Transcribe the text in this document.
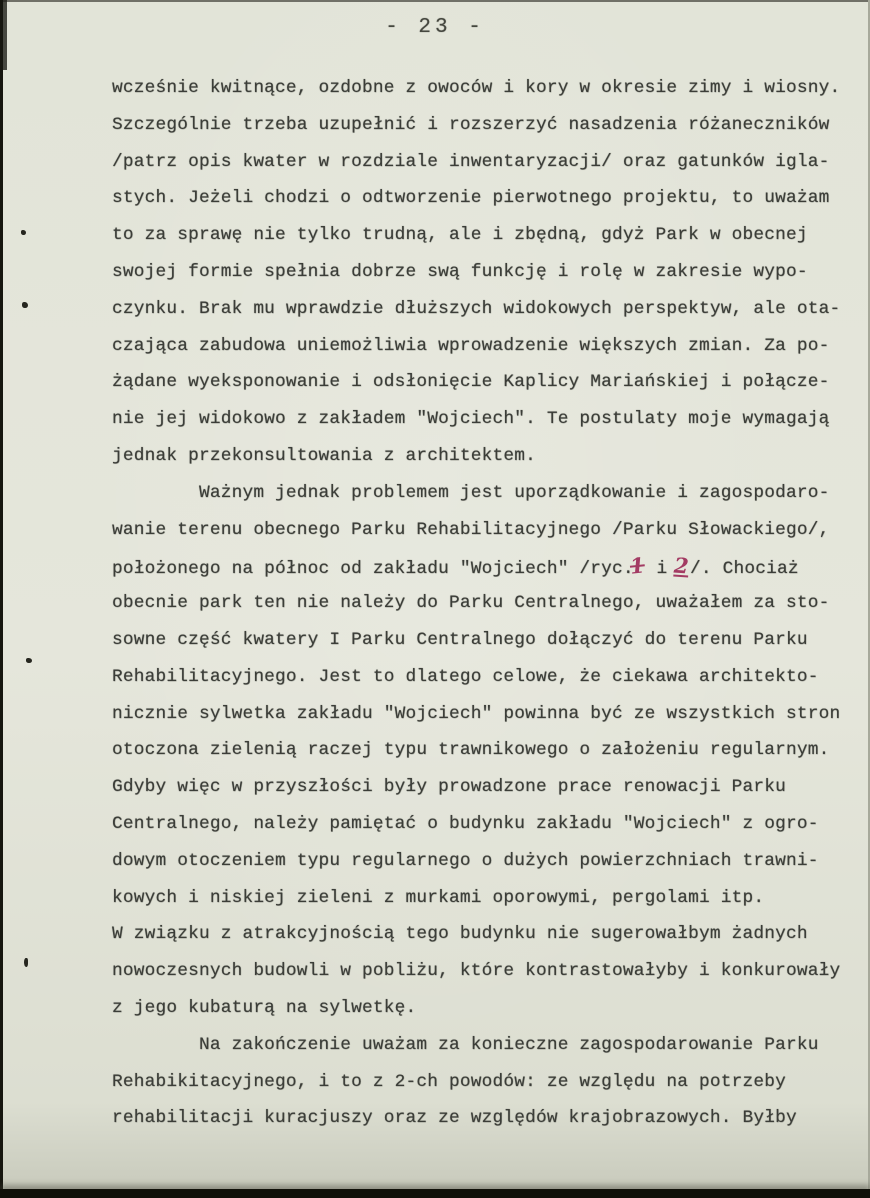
- 23 -
wcześnie kwitnące, ozdobne z owoców i kory w okresie zimy i wiosny.
Szczególnie trzeba uzupełnić i rozszerzyć nasadzenia różaneczników
/patrz opis kwater w rozdziale inwentaryzacji/ oraz gatunków igla-
stych. Jeżeli chodzi o odtworzenie pierwotnego projektu, to uważam
to za sprawę nie tylko trudną, ale i zbędną, gdyż Park w obecnej
swojej formie spełnia dobrze swą funkcję i rolę w zakresie wypo-
czynku. Brak mu wprawdzie dłuższych widokowych perspektyw, ale ota-
czająca zabudowa uniemożliwia wprowadzenie większych zmian. Za po-
żądane wyeksponowanie i odsłonięcie Kaplicy Mariańskiej i połącze-
nie jej widokowo z zakładem "Wojciech". Te postulaty moje wymagają
jednak przekonsultowania z architektem.
Ważnym jednak problemem jest uporządkowanie i zagospodaro-
wanie terenu obecnego Parku Rehabilitacyjnego /Parku Słowackiego/,
położonego na północ od zakładu "Wojciech" /ryc.1 i 2/. Chociaż
obecnie park ten nie należy do Parku Centralnego, uważałem za sto-
sowne część kwatery I Parku Centralnego dołączyć do terenu Parku
Rehabilitacyjnego. Jest to dlatego celowe, że ciekawa architekto-
nicznie sylwetka zakładu "Wojciech" powinna być ze wszystkich stron
otoczona zielenią raczej typu trawnikowego o założeniu regularnym.
Gdyby więc w przyszłości były prowadzone prace renowacji Parku
Centralnego, należy pamiętać o budynku zakładu "Wojciech" z ogro-
dowym otoczeniem typu regularnego o dużych powierzchniach trawni-
kowych i niskiej zieleni z murkami oporowymi, pergolami itp.
W związku z atrakcyjnością tego budynku nie sugerowałbym żadnych
nowoczesnych budowli w pobliżu, które kontrastowałyby i konkurowały
z jego kubaturą na sylwetkę.
Na zakończenie uważam za konieczne zagospodarowanie Parku
Rehabikitacyjnego, i to z 2-ch powodów: ze względu na potrzeby
rehabilitacji kuracjuszy oraz ze względów krajobrazowych. Byłby
